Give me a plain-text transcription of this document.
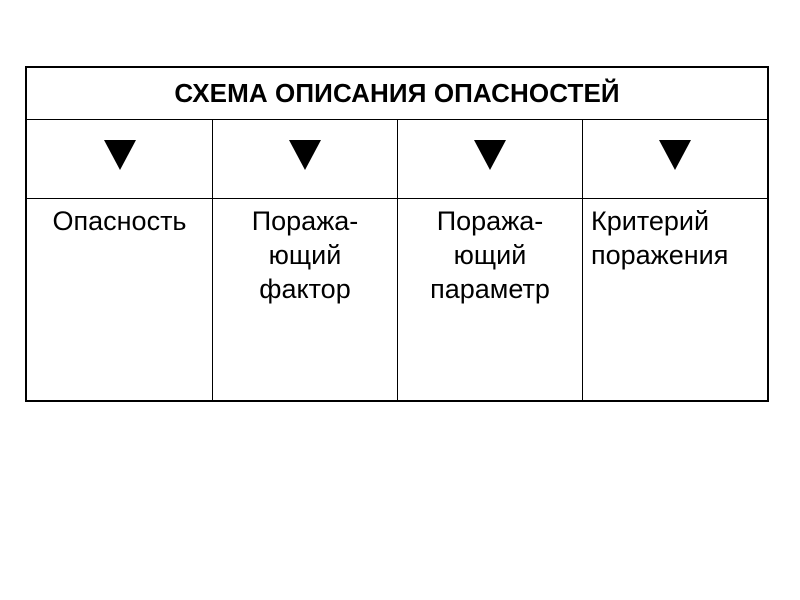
СХЕМА ОПИСАНИЯ ОПАСНОСТЕЙ
Опасность	Поража-
ющий
фактор
Поража-
ющий
параметр
Критерий
поражения
